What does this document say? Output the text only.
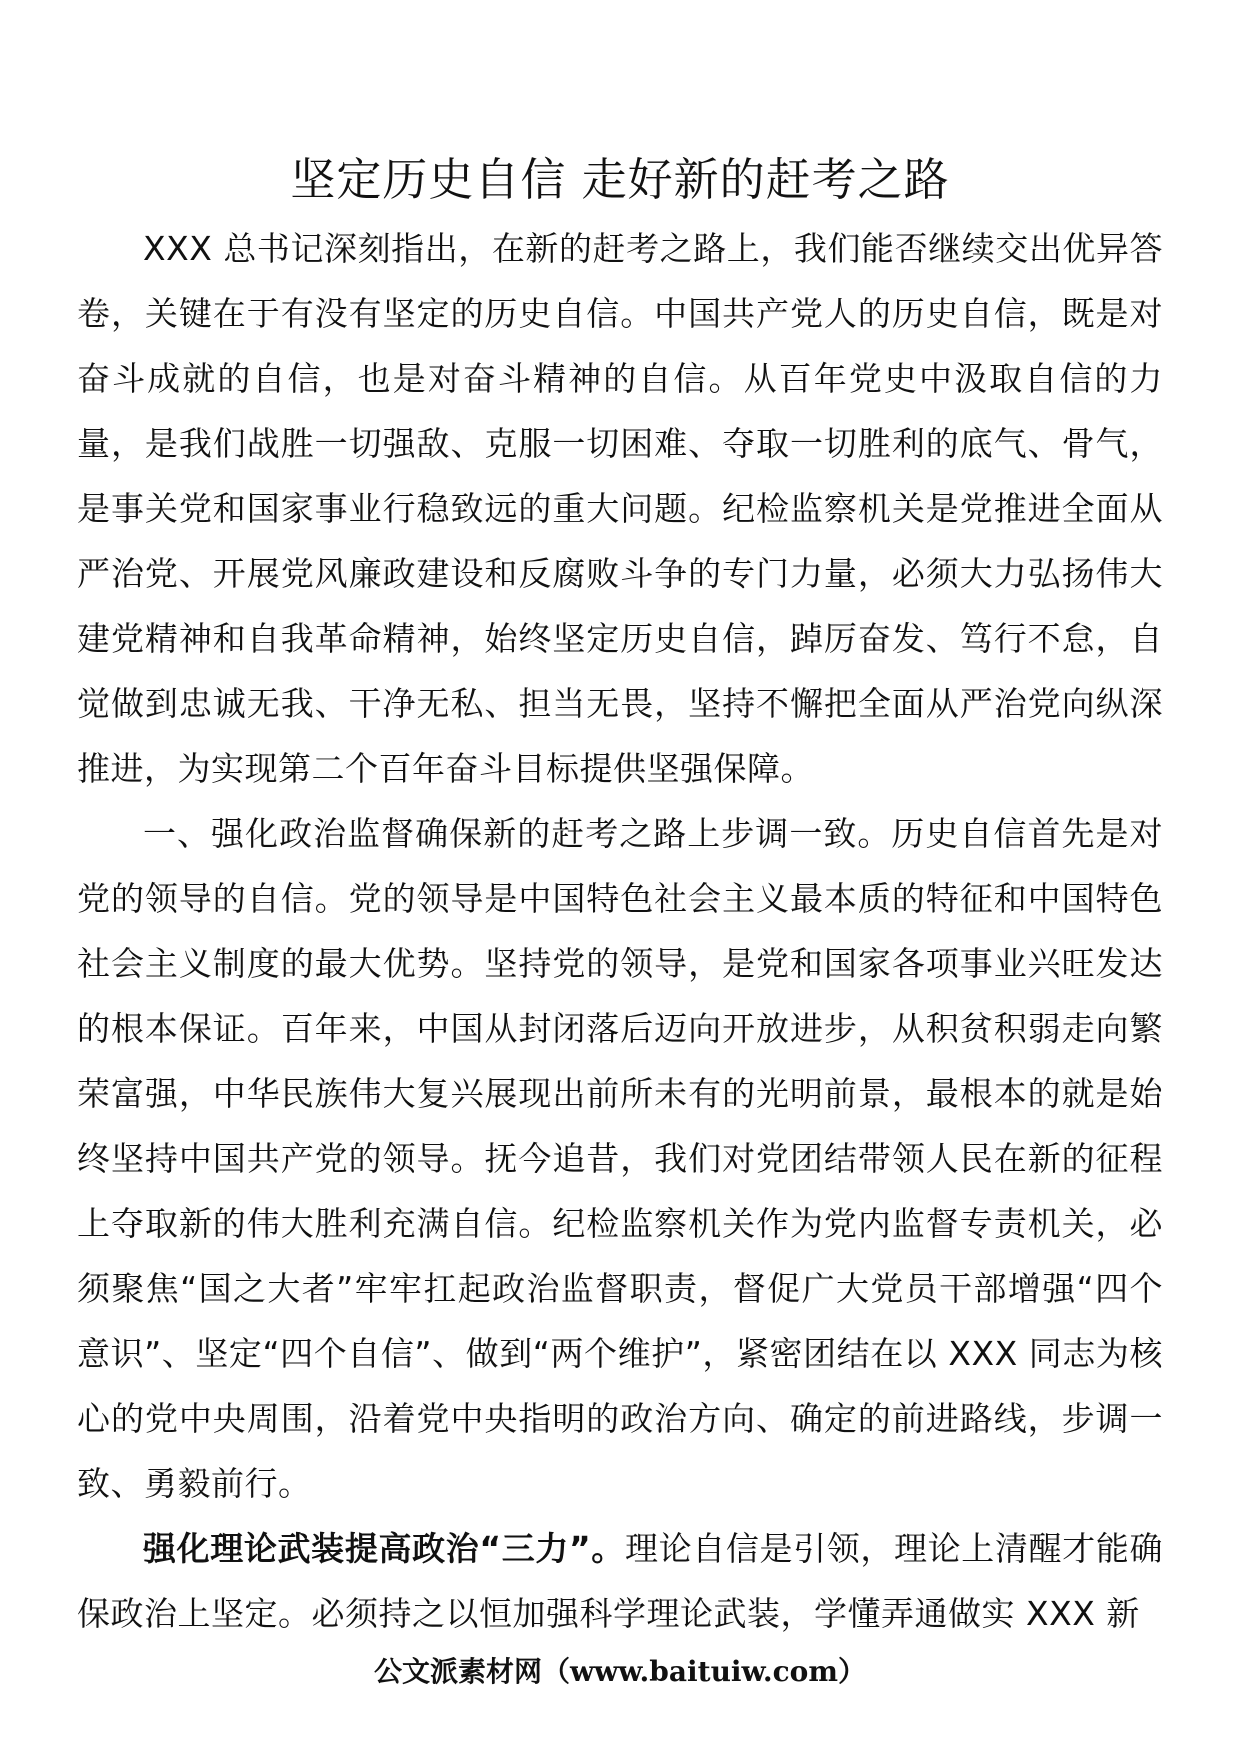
坚定历史自信 走好新的赶考之路

XXX 总书记深刻指出，在新的赶考之路上，我们能否继续交出优异答卷，关键在于有没有坚定的历史自信。中国共产党人的历史自信，既是对奋斗成就的自信，也是对奋斗精神的自信。从百年党史中汲取自信的力量，是我们战胜一切强敌、克服一切困难、夺取一切胜利的底气、骨气，是事关党和国家事业行稳致远的重大问题。纪检监察机关是党推进全面从严治党、开展党风廉政建设和反腐败斗争的专门力量，必须大力弘扬伟大建党精神和自我革命精神，始终坚定历史自信，踔厉奋发、笃行不怠，自觉做到忠诚无我、干净无私、担当无畏，坚持不懈把全面从严治党向纵深推进，为实现第二个百年奋斗目标提供坚强保障。

一、强化政治监督确保新的赶考之路上步调一致。历史自信首先是对党的领导的自信。党的领导是中国特色社会主义最本质的特征和中国特色社会主义制度的最大优势。坚持党的领导，是党和国家各项事业兴旺发达的根本保证。百年来，中国从封闭落后迈向开放进步，从积贫积弱走向繁荣富强，中华民族伟大复兴展现出前所未有的光明前景，最根本的就是始终坚持中国共产党的领导。抚今追昔，我们对党团结带领人民在新的征程上夺取新的伟大胜利充满自信。纪检监察机关作为党内监督专责机关，必须聚焦“国之大者”牢牢扛起政治监督职责，督促广大党员干部增强“四个意识”、坚定“四个自信”、做到“两个维护”，紧密团结在以 XXX 同志为核心的党中央周围，沿着党中央指明的政治方向、确定的前进路线，步调一致、勇毅前行。

强化理论武装提高政治“三力”。理论自信是引领，理论上清醒才能确保政治上坚定。必须持之以恒加强科学理论武装，学懂弄通做实 XXX 新

公文派素材网（www.baituiw.com）
